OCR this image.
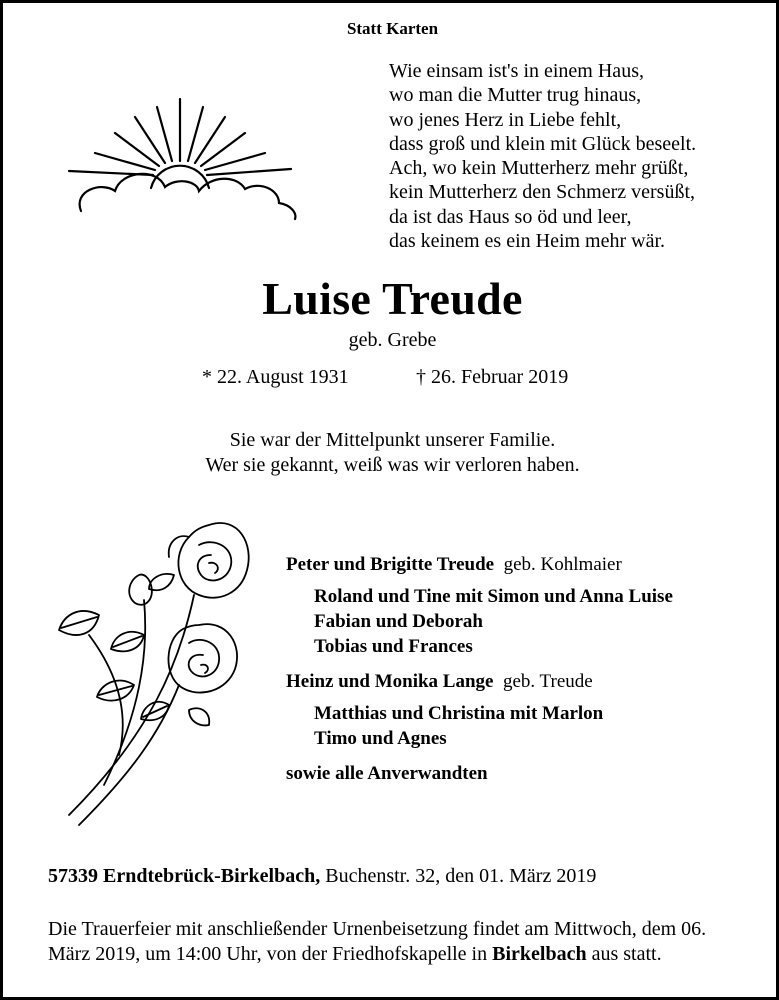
Statt Karten
Wie einsam ist's in einem Haus,
wo man die Mutter trug hinaus,
wo jenes Herz in Liebe fehlt,
dass groß und klein mit Glück beseelt.
Ach, wo kein Mutterherz mehr grüßt,
kein Mutterherz den Schmerz versüßt,
da ist das Haus so öd und leer,
das keinem es ein Heim mehr wär.
Luise Treude
geb. Grebe
* 22. August 1931	† 26. Februar 2019
Sie war der Mittelpunkt unserer Familie.
Wer sie gekannt, weiß was wir verloren haben.
Peter und Brigitte Treude geb. Kohlmaier
Roland und Tine mit Simon und Anna Luise
Fabian und Deborah
Tobias und Frances
Heinz und Monika Lange geb. Treude
Matthias und Christina mit Marlon
Timo und Agnes
sowie alle Anverwandten
57339 Erndtebrück-Birkelbach, Buchenstr. 32, den 01. März 2019
Die Trauerfeier mit anschließender Urnenbeisetzung findet am Mittwoch, dem 06. März 2019, um 14:00 Uhr, von der Friedhofskapelle in Birkelbach aus statt.
